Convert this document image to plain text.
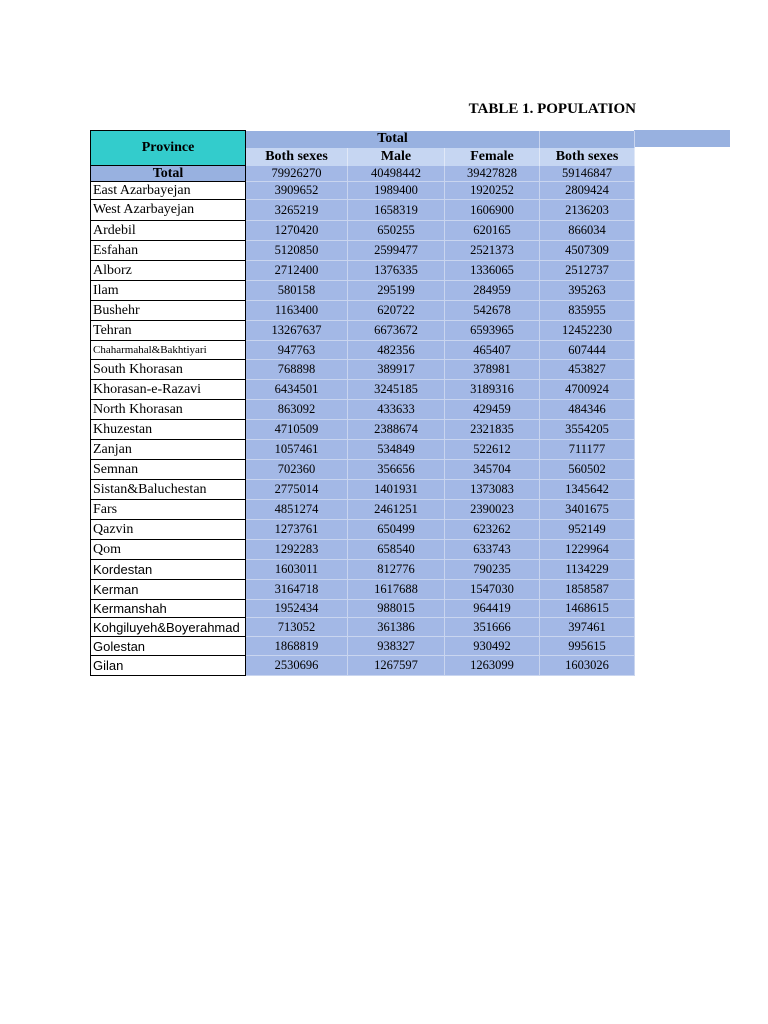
TABLE 1. POPULATION
Province	Total			
	Both sexes	Male	Female	Both sexes
Total	79926270	40498442	39427828	59146847
East Azarbayejan	3909652	1989400	1920252	2809424
West Azarbayejan	3265219	1658319	1606900	2136203
Ardebil	1270420	650255	620165	866034
Esfahan	5120850	2599477	2521373	4507309
Alborz	2712400	1376335	1336065	2512737
Ilam	580158	295199	284959	395263
Bushehr	1163400	620722	542678	835955
Tehran	13267637	6673672	6593965	12452230
Chaharmahal&Bakhtiyari	947763	482356	465407	607444
South Khorasan	768898	389917	378981	453827
Khorasan-e-Razavi	6434501	3245185	3189316	4700924
North Khorasan	863092	433633	429459	484346
Khuzestan	4710509	2388674	2321835	3554205
Zanjan	1057461	534849	522612	711177
Semnan	702360	356656	345704	560502
Sistan&Baluchestan	2775014	1401931	1373083	1345642
Fars	4851274	2461251	2390023	3401675
Qazvin	1273761	650499	623262	952149
Qom	1292283	658540	633743	1229964
Kordestan	1603011	812776	790235	1134229
Kerman	3164718	1617688	1547030	1858587
Kermanshah	1952434	988015	964419	1468615
Kohgiluyeh&Boyerahmad	713052	361386	351666	397461
Golestan	1868819	938327	930492	995615
Gilan	2530696	1267597	1263099	1603026
